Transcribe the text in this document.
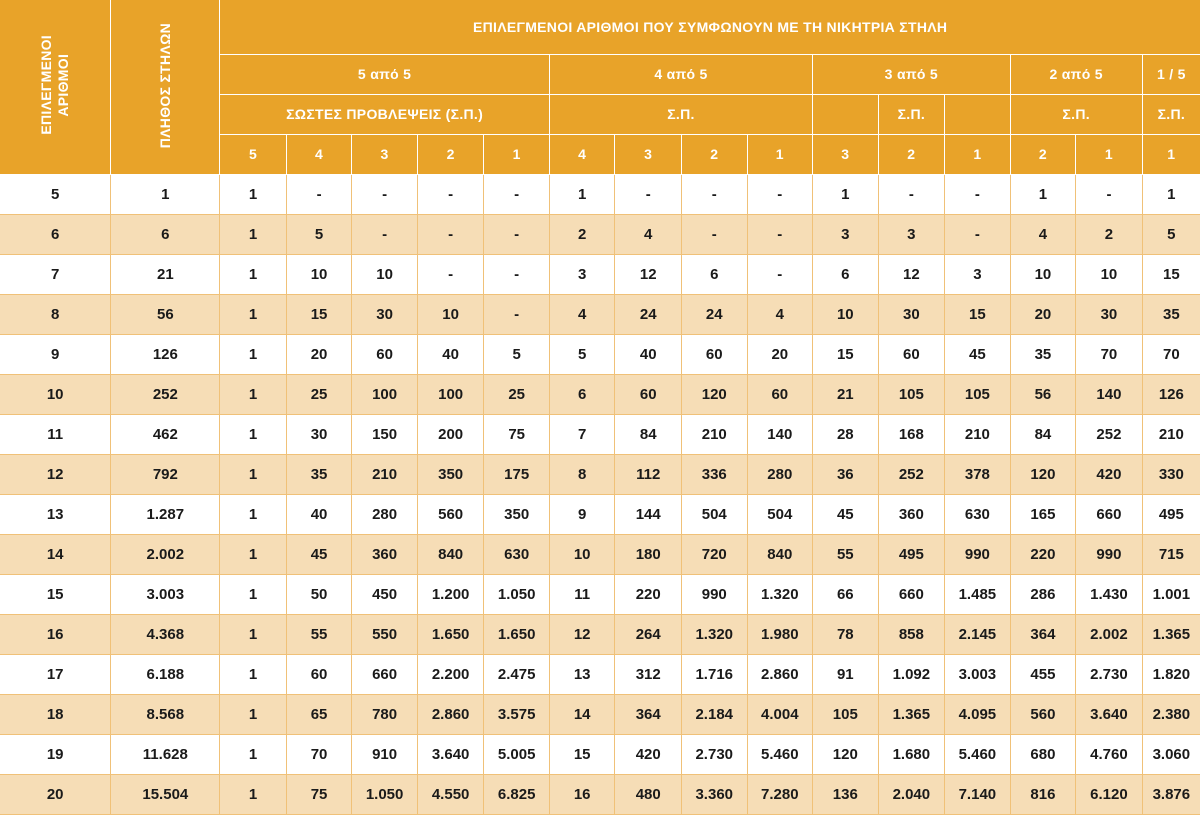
ΕΠΙΛΕΓΜΕΝΟΙ
ΑΡΙΘΜΟΙ	ΠΛΗΘΟΣ ΣΤΗΛΩΝ	ΕΠΙΛΕΓΜΕΝΟΙ ΑΡΙΘΜΟΙ ΠΟΥ ΣΥΜΦΩΝΟΥΝ ΜΕ ΤΗ ΝΙΚΗΤΡΙΑ ΣΤΗΛΗ														
		5 από 5					4 από 5				3 από 5			2 από 5		1 / 5
		ΣΩΣΤΕΣ ΠΡΟΒΛΕΨΕΙΣ (Σ.Π.)					Σ.Π.					Σ.Π.		Σ.Π.		Σ.Π.
		5	4	3	2	1	4	3	2	1	3	2	1	2	1	1
5	1	1	-	-	-	-	1	-	-	-	1	-	-	1	-	1
6	6	1	5	-	-	-	2	4	-	-	3	3	-	4	2	5
7	21	1	10	10	-	-	3	12	6	-	6	12	3	10	10	15
8	56	1	15	30	10	-	4	24	24	4	10	30	15	20	30	35
9	126	1	20	60	40	5	5	40	60	20	15	60	45	35	70	70
10	252	1	25	100	100	25	6	60	120	60	21	105	105	56	140	126
11	462	1	30	150	200	75	7	84	210	140	28	168	210	84	252	210
12	792	1	35	210	350	175	8	112	336	280	36	252	378	120	420	330
13	1.287	1	40	280	560	350	9	144	504	504	45	360	630	165	660	495
14	2.002	1	45	360	840	630	10	180	720	840	55	495	990	220	990	715
15	3.003	1	50	450	1.200	1.050	11	220	990	1.320	66	660	1.485	286	1.430	1.001
16	4.368	1	55	550	1.650	1.650	12	264	1.320	1.980	78	858	2.145	364	2.002	1.365
17	6.188	1	60	660	2.200	2.475	13	312	1.716	2.860	91	1.092	3.003	455	2.730	1.820
18	8.568	1	65	780	2.860	3.575	14	364	2.184	4.004	105	1.365	4.095	560	3.640	2.380
19	11.628	1	70	910	3.640	5.005	15	420	2.730	5.460	120	1.680	5.460	680	4.760	3.060
20	15.504	1	75	1.050	4.550	6.825	16	480	3.360	7.280	136	2.040	7.140	816	6.120	3.876
